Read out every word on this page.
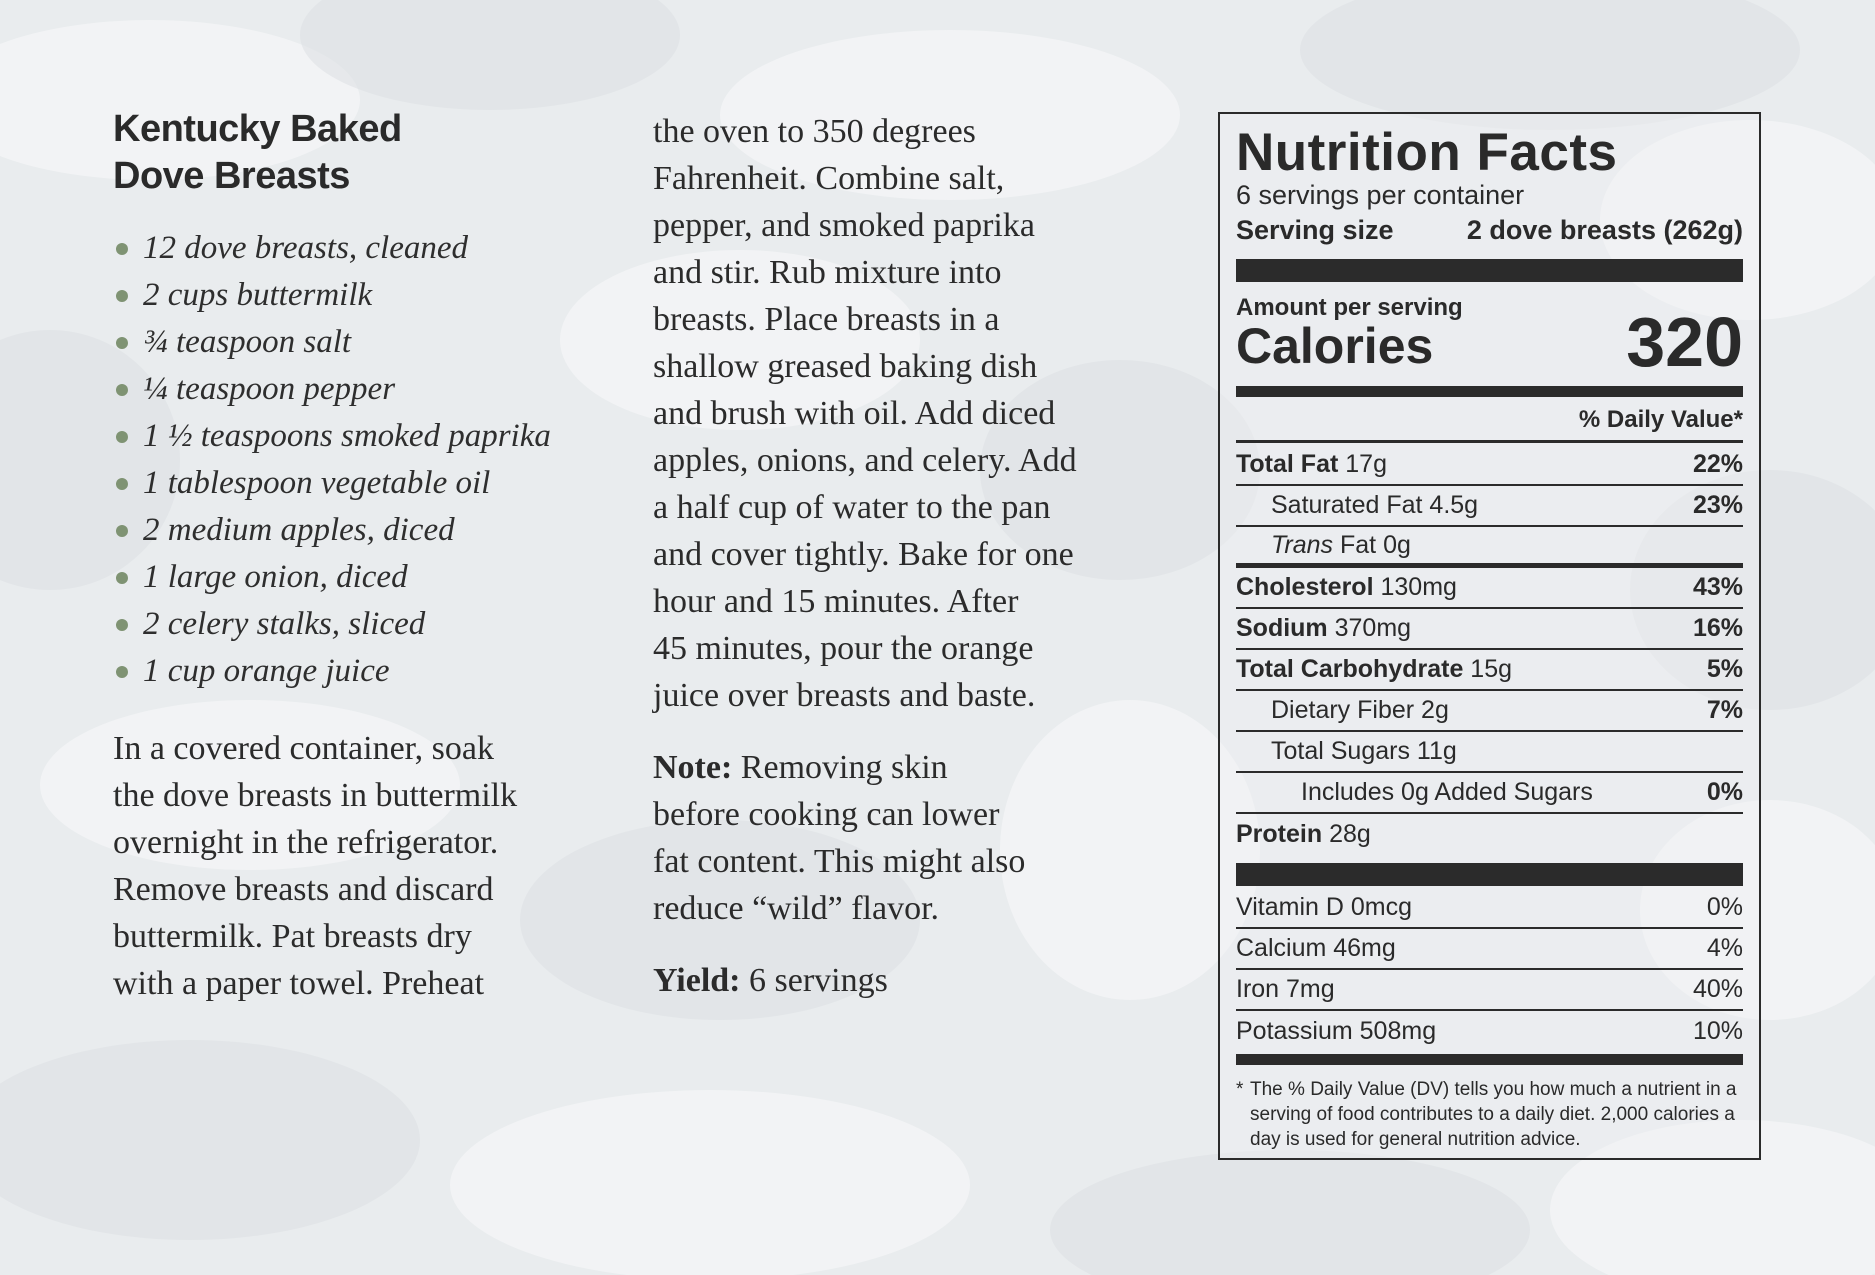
Kentucky Baked
Dove Breasts
12 dove breasts, cleaned
2 cups buttermilk
¾ teaspoon salt
¼ teaspoon pepper
1 ½ teaspoons smoked paprika
1 tablespoon vegetable oil
2 medium apples, diced
1 large onion, diced
2 celery stalks, sliced
1 cup orange juice

In a covered container, soak
the dove breasts in buttermilk
overnight in the refrigerator.
Remove breasts and discard
buttermilk. Pat breasts dry
with a paper towel. Preheat

the oven to 350 degrees
Fahrenheit. Combine salt,
pepper, and smoked paprika
and stir. Rub mixture into
breasts. Place breasts in a
shallow greased baking dish
and brush with oil. Add diced
apples, onions, and celery. Add
a half cup of water to the pan
and cover tightly. Bake for one
hour and 15 minutes. After
45 minutes, pour the orange
juice over breasts and baste.

Note: Removing skin
before cooking can lower
fat content. This might also
reduce “wild” flavor.

Yield: 6 servings

Nutrition Facts
6 servings per container
Serving size	2 dove breasts (262g)
Amount per serving
Calories	320
% Daily Value*
Total Fat 17g	22%
Saturated Fat 4.5g	23%
Trans Fat 0g
Cholesterol 130mg	43%
Sodium 370mg	16%
Total Carbohydrate 15g	5%
Dietary Fiber 2g	7%
Total Sugars 11g
Includes 0g Added Sugars	0%
Protein 28g
Vitamin D 0mcg	0%
Calcium 46mg	4%
Iron 7mg	40%
Potassium 508mg	10%
* The % Daily Value (DV) tells you how much a nutrient in a serving of food contributes to a daily diet. 2,000 calories a day is used for general nutrition advice.
